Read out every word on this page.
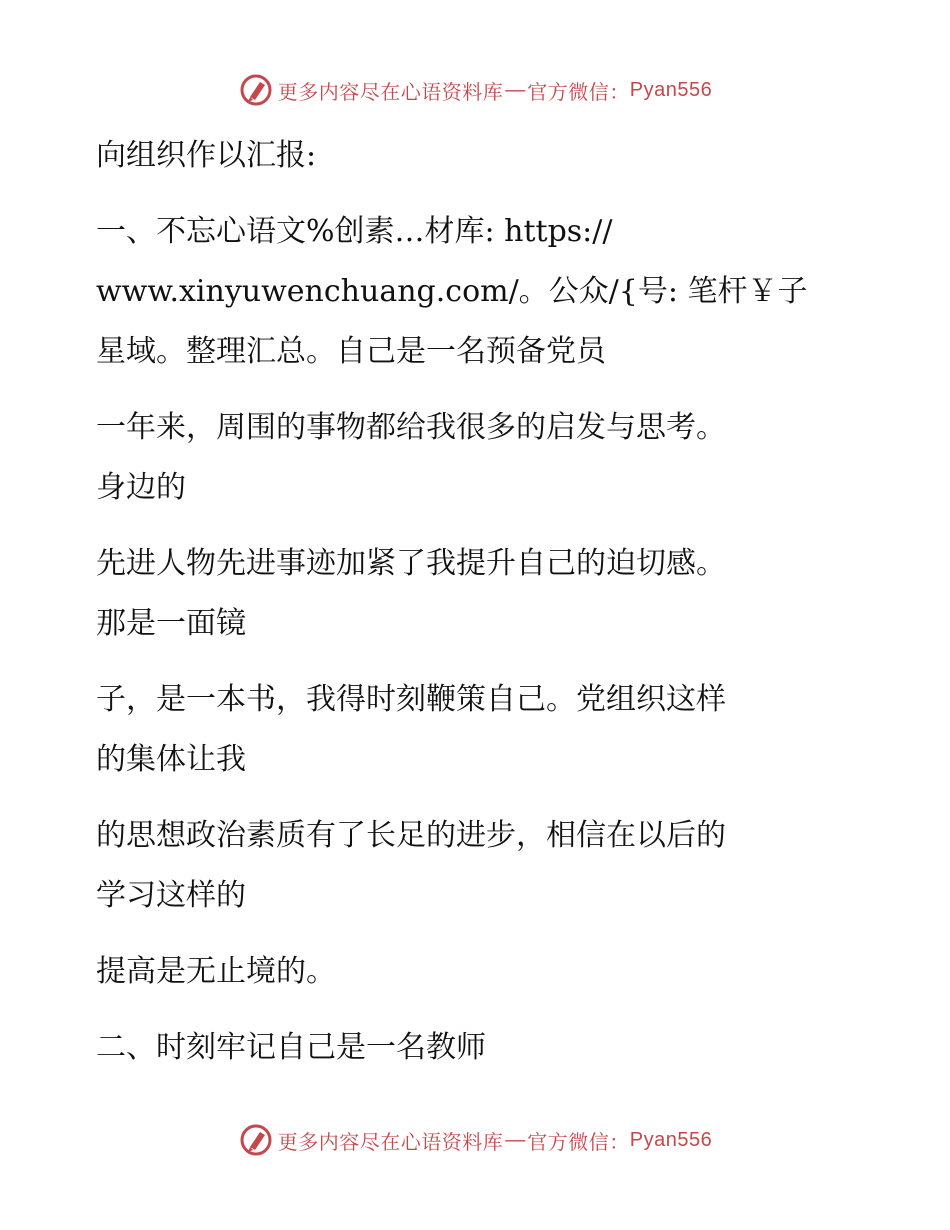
更多内容尽在心语资料库 — 官方微信： Pyan556

向组织作以汇报:

一、不忘心语文%创素…材库: https://
www.xinyuwenchuang.com/。公众/{号: 笔杆￥子
星域。整理汇总。自己是一名预备党员

一年来，周围的事物都给我很多的启发与思考。
身边的

先进人物先进事迹加紧了我提升自己的迫切感。
那是一面镜

子，是一本书，我得时刻鞭策自己。党组织这样
的集体让我

的思想政治素质有了长足的进步，相信在以后的
学习这样的

提高是无止境的。

二、时刻牢记自己是一名教师

更多内容尽在心语资料库 — 官方微信： Pyan556
